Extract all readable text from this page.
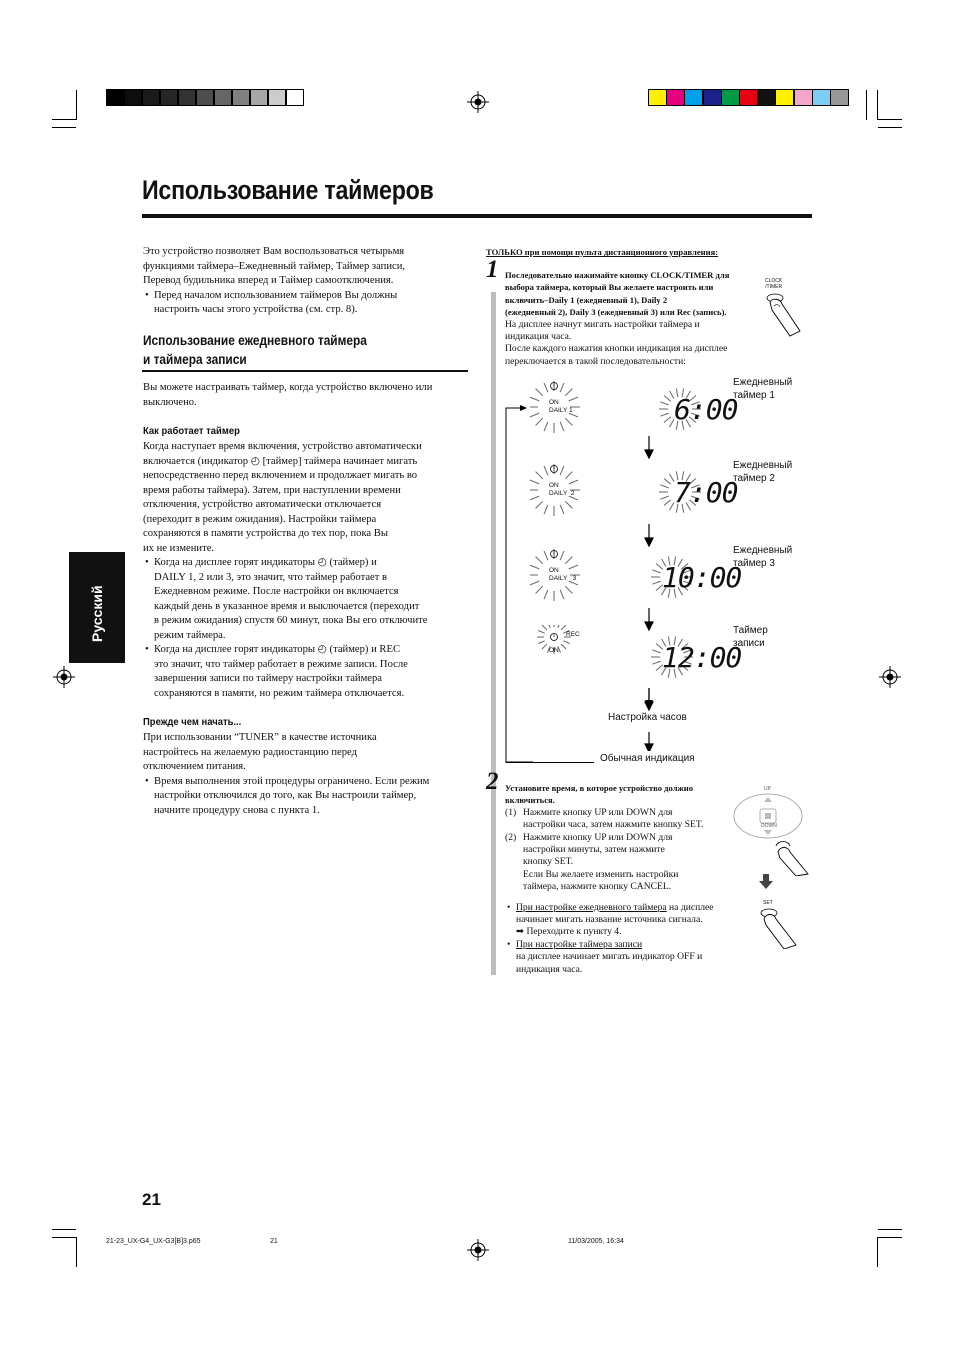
Использование таймеров
Русский
Это устройство позволяет Вам воспользоваться четырьмя
функциями таймера–Ежедневный таймер, Таймер записи,
Перевод будильника вперед и Таймер самоотключения.
• Перед началом использованием таймеров Вы должны
настроить часы этого устройства (см. стр. 8).
Использование ежедневного таймера
и таймера записи
Вы можете настраивать таймер, когда устройство включено или
выключено.
Как работает таймер
Когда наступает время включения, устройство автоматически
включается (индикатор ◴ [таймер] таймера начинает мигать
непосредственно перед включением и продолжает мигать во
время работы таймера). Затем, при наступлении времени
отключения, устройство автоматически отключается
(переходит в режим ожидания). Настройки таймера
сохраняются в памяти устройства до тех пор, пока Вы
их не измените.
• Когда на дисплее горят индикаторы ◴ (таймер) и
DAILY 1, 2 или 3, это значит, что таймер работает в
Ежедневном режиме. После настройки он включается
каждый день в указанное время и выключается (переходит
в режим ожидания) спустя 60 минут, пока Вы его отключите
режим таймера.
• Когда на дисплее горят индикаторы ◴ (таймер) и REC
это значит, что таймер работает в режиме записи. После
завершения записи по таймеру настройки таймера
сохраняются в памяти, но режим таймера отключается.
Прежде чем начать...
При использовании “TUNER” в качестве источника
настройтесь на желаемую радиостанцию перед
отключением питания.
• Время выполнения этой процедуры ограничено. Если режим
настройки отключился до того, как Вы настроили таймер,
начните процедуру снова с пункта 1.
ТОЛЬКО при помощи пульта дистанционного управления:
1 Последовательно нажимайте кнопку CLOCK/TIMER для
выбора таймера, который Вы желаете настроить или
включить–Daily 1 (ежедневный 1), Daily 2
(ежедневный 2), Daily 3 (ежедневный 3) или Rec (запись).
На дисплее начнут мигать настройки таймера и
индикация часа.
После каждого нажатия кнопки индикация на дисплее
переключается в такой последовательности:
CLOCK
/TIMER
ON
DAILY 1	6:00
Ежедневный
таймер 1
ON
DAILY  2	7:00
Ежедневный
таймер 2
ON
DAILY   3	10:00
Ежедневный
таймер 3
REC
ON	12:00
Таймер
записи
Настройка часов
Обычная индикация
2 Установите время, в которое устройство должно
включиться.
(1) Нажмите кнопку UP или DOWN для
настройки часа, затем нажмите кнопку SET.
(2) Нажмите кнопку UP или DOWN для
настройки минуты, затем нажмите
кнопку SET.
Если Вы желаете изменить настройки
таймера, нажмите кнопку CANCEL.
• При настройке ежедневного таймера на дисплее
начинает мигать название источника сигнала.
➡ Переходите к пункту 4.
• При настройке таймера записи
на дисплее начинает мигать индикатор OFF и
индикация часа.
UP
DOWN
SET
21
21-23_UX-G4_UX-G3[B]3.p65	21	11/03/2005, 16:34
